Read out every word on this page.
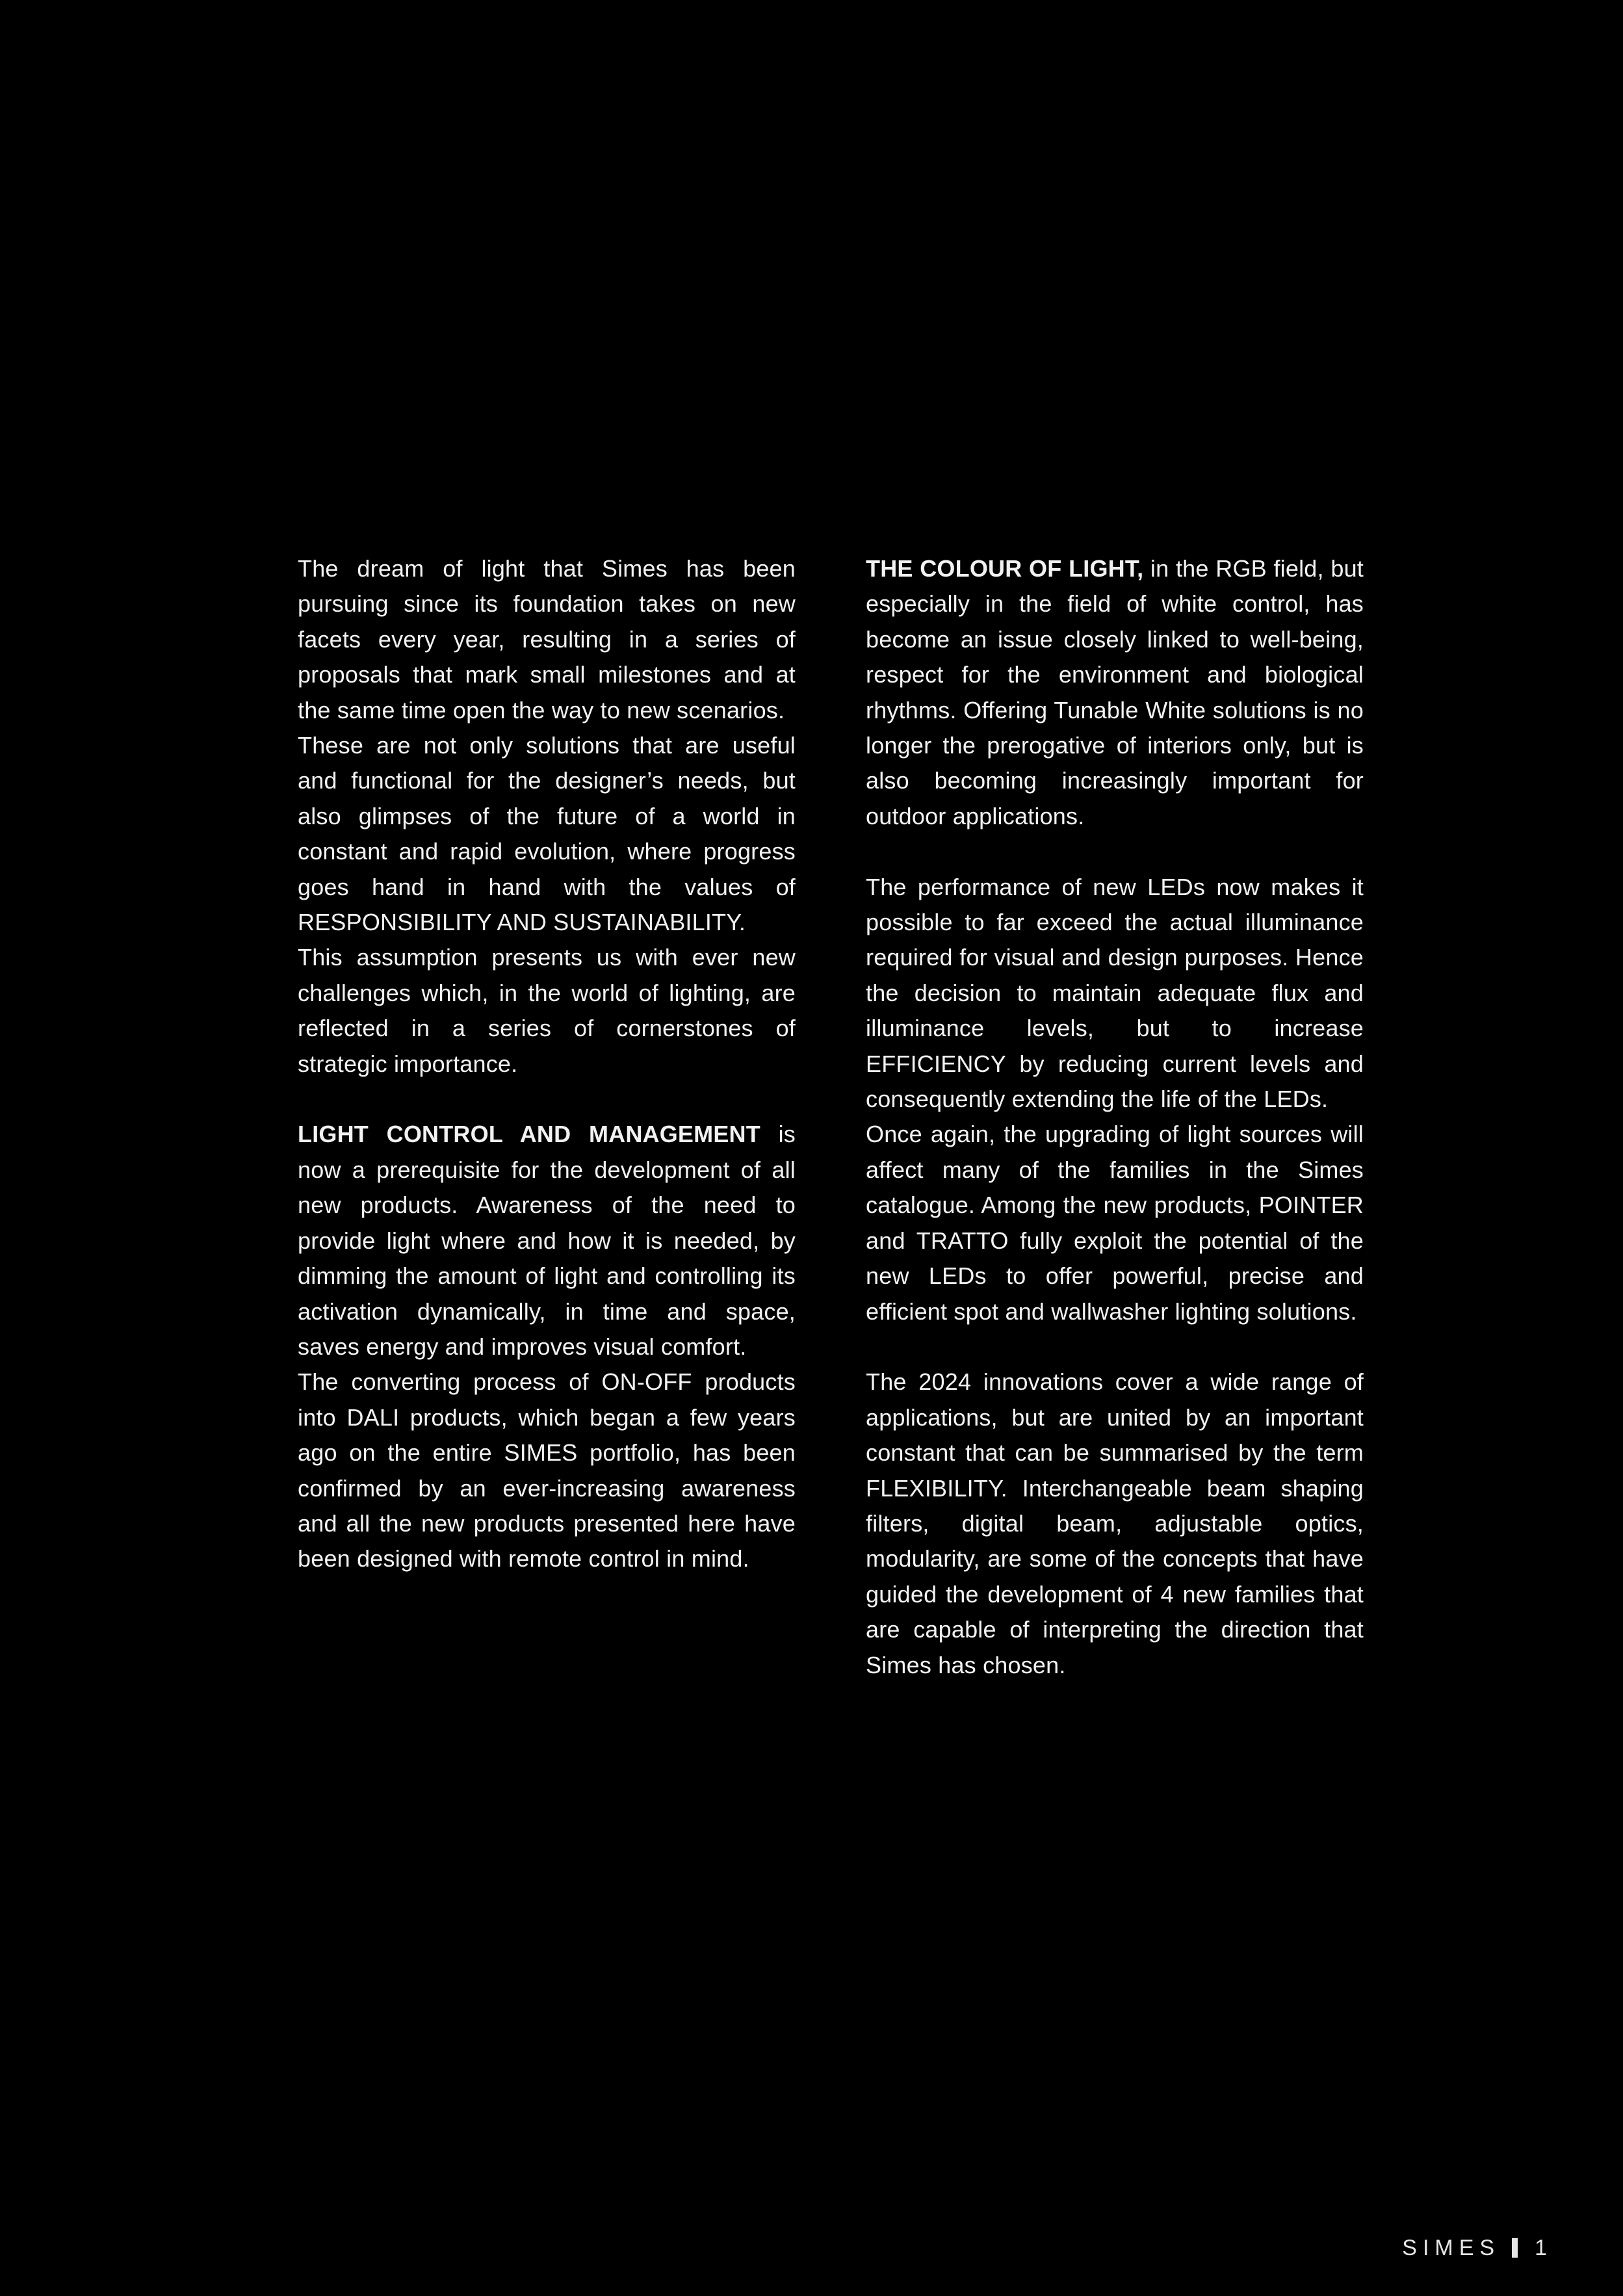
The dream of light that Simes has been pursuing since its foundation takes on new facets every year, resulting in a series of proposals that mark small milestones and at the same time open the way to new scenarios.

These are not only solutions that are useful and functional for the designer’s needs, but also glimpses of the future of a world in constant and rapid evolution, where progress goes hand in hand with the values of RESPONSIBILITY AND SUSTAINABILITY.

This assumption presents us with ever new challenges which, in the world of lighting, are reflected in a series of cornerstones of strategic importance.

LIGHT CONTROL AND MANAGEMENT is now a prerequisite for the development of all new products. Awareness of the need to provide light where and how it is needed, by dimming the amount of light and controlling its activation dynamically, in time and space, saves energy and improves visual comfort.

The converting process of ON-OFF products into DALI products, which began a few years ago on the entire SIMES portfolio, has been confirmed by an ever-increasing awareness and all the new products presented here have been designed with remote control in mind.

THE COLOUR OF LIGHT, in the RGB field, but especially in the field of white control, has become an issue closely linked to well-being, respect for the environment and biological rhythms. Offering Tunable White solutions is no longer the prerogative of interiors only, but is also becoming increasingly important for outdoor applications.

The performance of new LEDs now makes it possible to far exceed the actual illuminance required for visual and design purposes. Hence the decision to maintain adequate flux and illuminance levels, but to increase EFFICIENCY by reducing current levels and consequently extending the life of the LEDs.

Once again, the upgrading of light sources will affect many of the families in the Simes catalogue. Among the new products, POINTER and TRATTO fully exploit the potential of the new LEDs to offer powerful, precise and efficient spot and wallwasher lighting solutions.

The 2024 innovations cover a wide range of applications, but are united by an important constant that can be summarised by the term FLEXIBILITY. Interchangeable beam shaping filters, digital beam, adjustable optics, modularity, are some of the concepts that have guided the development of 4 new families that are capable of interpreting the direction that Simes has chosen.

SIMES 1
